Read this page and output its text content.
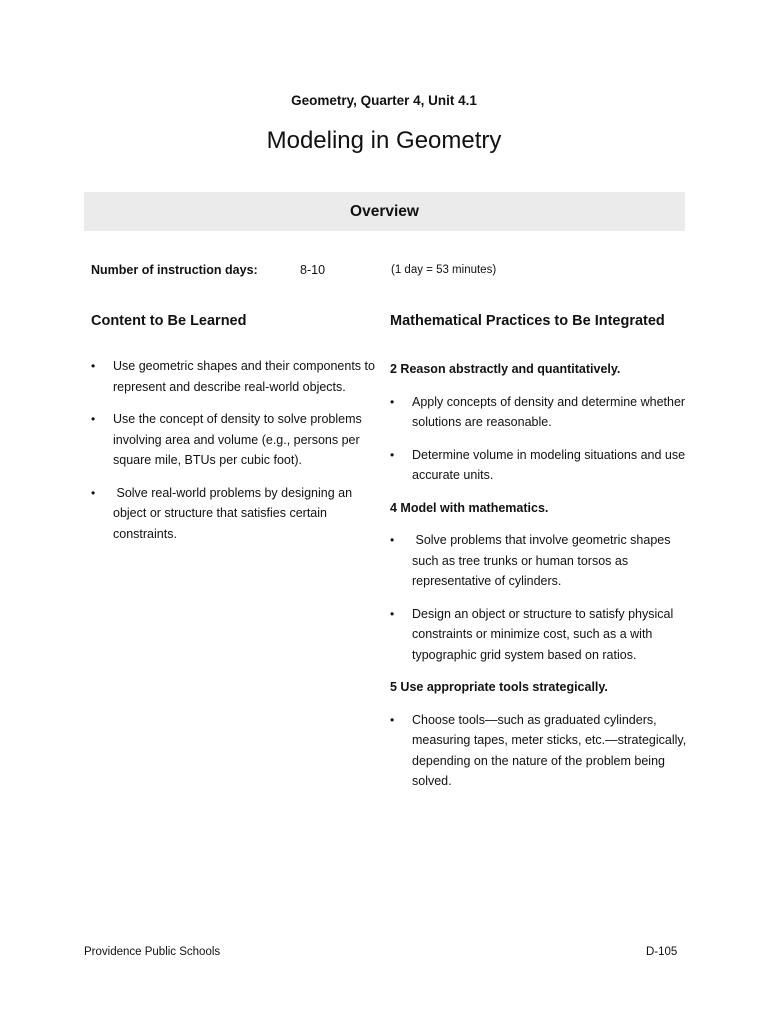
Geometry, Quarter 4, Unit 4.1
Modeling in Geometry
Overview
Number of instruction days:	8-10	(1 day = 53 minutes)
Content to Be Learned	Mathematical Practices to Be Integrated
• Use geometric shapes and their components to represent and describe real-world objects.
• Use the concept of density to solve problems involving area and volume (e.g., persons per square mile, BTUs per cubic foot).
• Solve real-world problems by designing an object or structure that satisfies certain constraints.
2 Reason abstractly and quantitatively.
• Apply concepts of density and determine whether solutions are reasonable.
• Determine volume in modeling situations and use accurate units.
4 Model with mathematics.
• Solve problems that involve geometric shapes such as tree trunks or human torsos as representative of cylinders.
• Design an object or structure to satisfy physical constraints or minimize cost, such as a with typographic grid system based on ratios.
5 Use appropriate tools strategically.
• Choose tools—such as graduated cylinders, measuring tapes, meter sticks, etc.—strategically, depending on the nature of the problem being solved.
Providence Public Schools	D-105
